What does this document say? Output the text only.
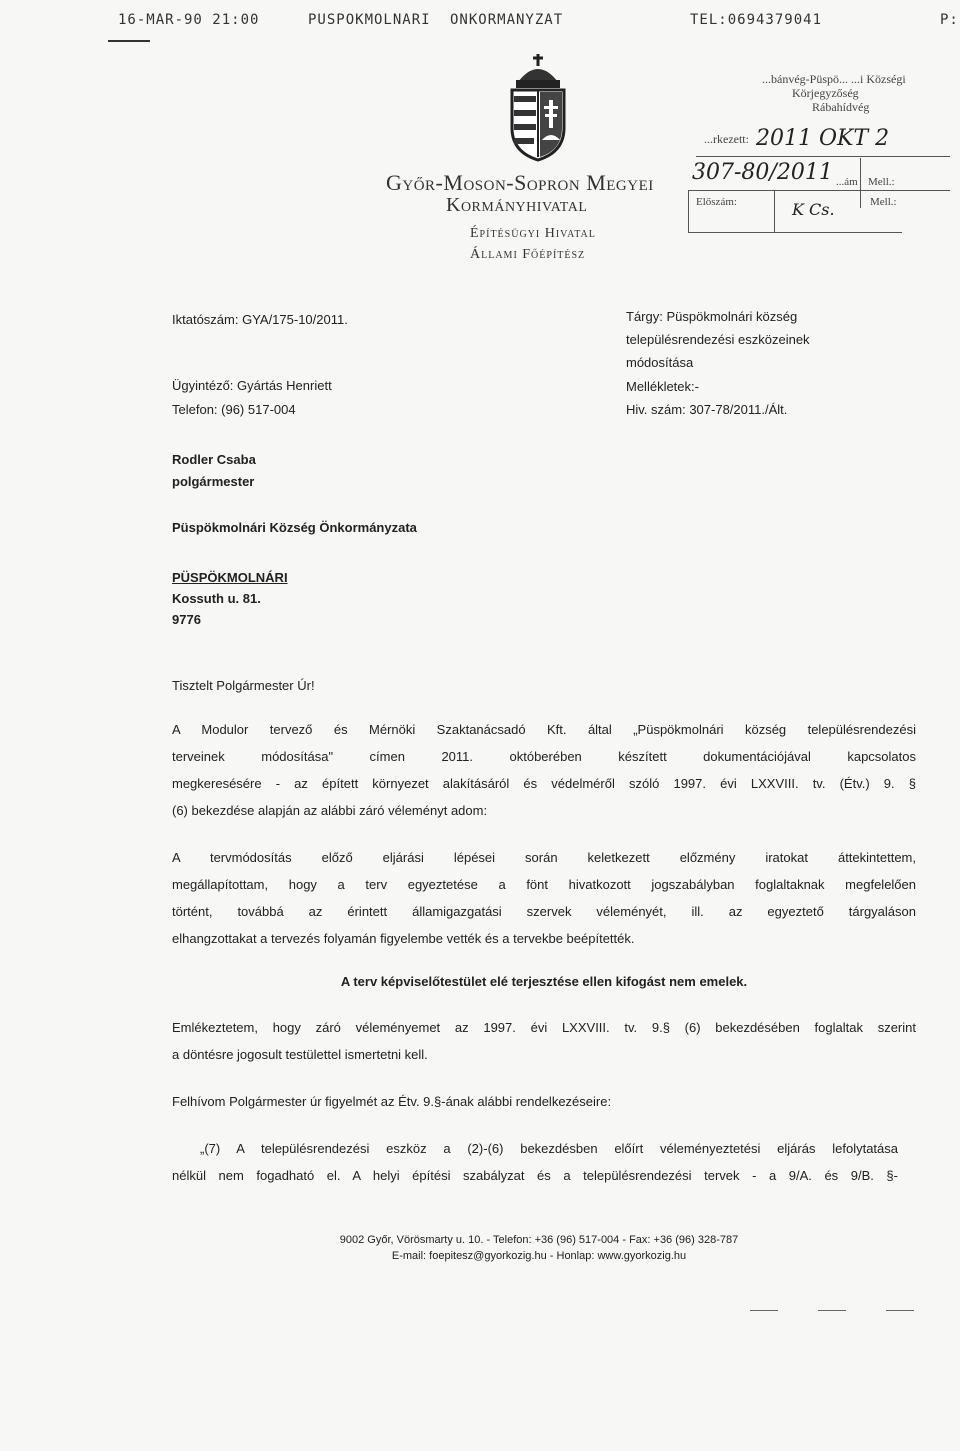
16-MAR-90 21:00	PUSPOKMOLNARI ONKORMANYZAT	TEL:0694379041	P:
Győr-Moson-Sopron Megyei
Kormányhivatal
Építésügyi Hivatal
Állami Főépítész
...bánvég-Püspö... ...i Községi
Körjegyzőség
Rábahídvég
...rkezett: 2011 OKT 2
307-80/2011 ...ám Mell.:
Előszám:	K Cs.	Mell.:
Iktatószám: GYA/175-10/2011.
Ügyintéző: Gyártás Henriett
Telefon: (96) 517-004
Tárgy: Püspökmolnári község
településrendezési eszközeinek
módosítása
Mellékletek:-
Hiv. szám: 307-78/2011./Ált.
Rodler Csaba
polgármester
Püspökmolnári Község Önkormányzata
PÜSPÖKMOLNÁRI
Kossuth u. 81.
9776
Tisztelt Polgármester Úr!
A Modulor tervező és Mérnöki Szaktanácsadó Kft. által „Püspökmolnári község településrendezési
terveinek módosítása" címen 2011. októberében készített dokumentációjával kapcsolatos
megkeresésére - az épített környezet alakításáról és védelméről szóló 1997. évi LXXVIII. tv. (Étv.) 9. §
(6) bekezdése alapján az alábbi záró véleményt adom:
A tervmódosítás előző eljárási lépései során keletkezett előzmény iratokat áttekintettem,
megállapítottam, hogy a terv egyeztetése a fönt hivatkozott jogszabályban foglaltaknak megfelelően
történt, továbbá az érintett államigazgatási szervek véleményét, ill. az egyeztető tárgyaláson
elhangzottakat a tervezés folyamán figyelembe vették és a tervekbe beépítették.
A terv képviselőtestület elé terjesztése ellen kifogást nem emelek.
Emlékeztetem, hogy záró véleményemet az 1997. évi LXXVIII. tv. 9.§ (6) bekezdésében foglaltak szerint
a döntésre jogosult testülettel ismertetni kell.
Felhívom Polgármester úr figyelmét az Étv. 9.§-ának alábbi rendelkezéseire:
„(7) A településrendezési eszköz a (2)-(6) bekezdésben előírt véleményeztetési eljárás lefolytatása
nélkül nem fogadható el. A helyi építési szabályzat és a településrendezési tervek - a 9/A. és 9/B. §-
9002 Győr, Vörösmarty u. 10. - Telefon: +36 (96) 517-004 - Fax: +36 (96) 328-787
E-mail: foepitesz@gyorkozig.hu - Honlap: www.gyorkozig.hu
